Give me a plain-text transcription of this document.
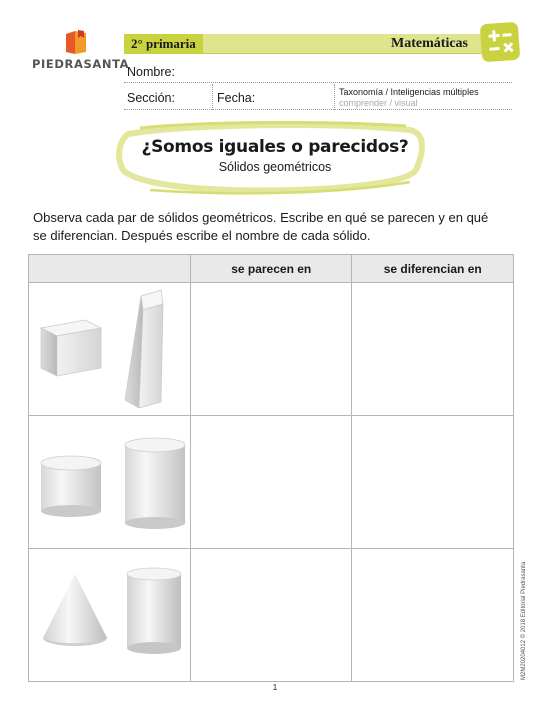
PIEDRASANTA
2° primaria	Matemáticas
Nombre:
Sección:	Fecha:	Taxonomía / Inteligencias múltiples
comprender / visual
¿Somos iguales o parecidos?
Sólidos geométricos
Observa cada par de sólidos geométricos. Escribe en qué se parecen y en qué se diferencian. Después escribe el nombre de cada sólido.
	se parecen en	se diferencian en

M2M20204012 © 2018 Editorial Piedrasanta
1
